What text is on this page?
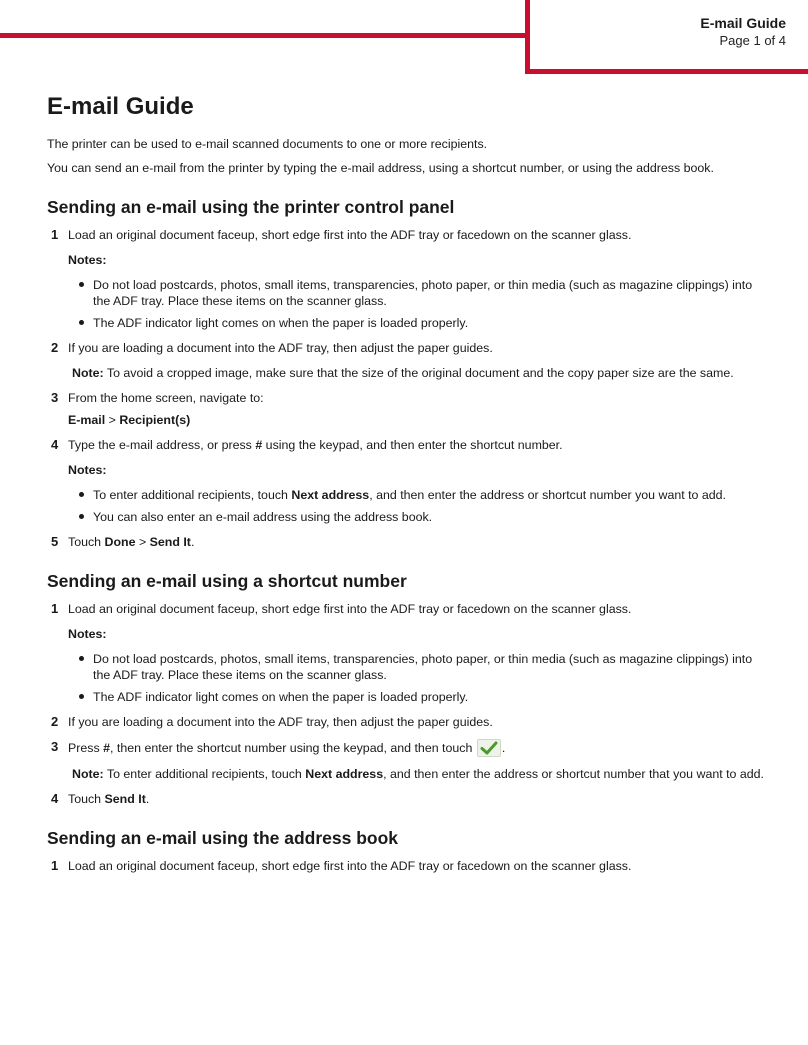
E-mail Guide
Page 1 of 4
E-mail Guide

The printer can be used to e-mail scanned documents to one or more recipients.

You can send an e-mail from the printer by typing the e-mail address, using a shortcut number, or using the address book.

Sending an e-mail using the printer control panel
1 Load an original document faceup, short edge first into the ADF tray or facedown on the scanner glass.

Notes:
Do not load postcards, photos, small items, transparencies, photo paper, or thin media (such as magazine clippings) into the ADF tray. Place these items on the scanner glass.
The ADF indicator light comes on when the paper is loaded properly.
2 If you are loading a document into the ADF tray, then adjust the paper guides.

Note: To avoid a cropped image, make sure that the size of the original document and the copy paper size are the same.
3 From the home screen, navigate to:

E-mail > Recipient(s)
4 Type the e-mail address, or press # using the keypad, and then enter the shortcut number.

Notes:
To enter additional recipients, touch Next address, and then enter the address or shortcut number you want to add.
You can also enter an e-mail address using the address book.
5 Touch Done > Send It.

Sending an e-mail using a shortcut number
1 Load an original document faceup, short edge first into the ADF tray or facedown on the scanner glass.

Notes:
Do not load postcards, photos, small items, transparencies, photo paper, or thin media (such as magazine clippings) into the ADF tray. Place these items on the scanner glass.
The ADF indicator light comes on when the paper is loaded properly.
2 If you are loading a document into the ADF tray, then adjust the paper guides.

3 Press #, then enter the shortcut number using the keypad, and then touch .

Note: To enter additional recipients, touch Next address, and then enter the address or shortcut number that you want to add.
4 Touch Send It.

Sending an e-mail using the address book
1 Load an original document faceup, short edge first into the ADF tray or facedown on the scanner glass.
